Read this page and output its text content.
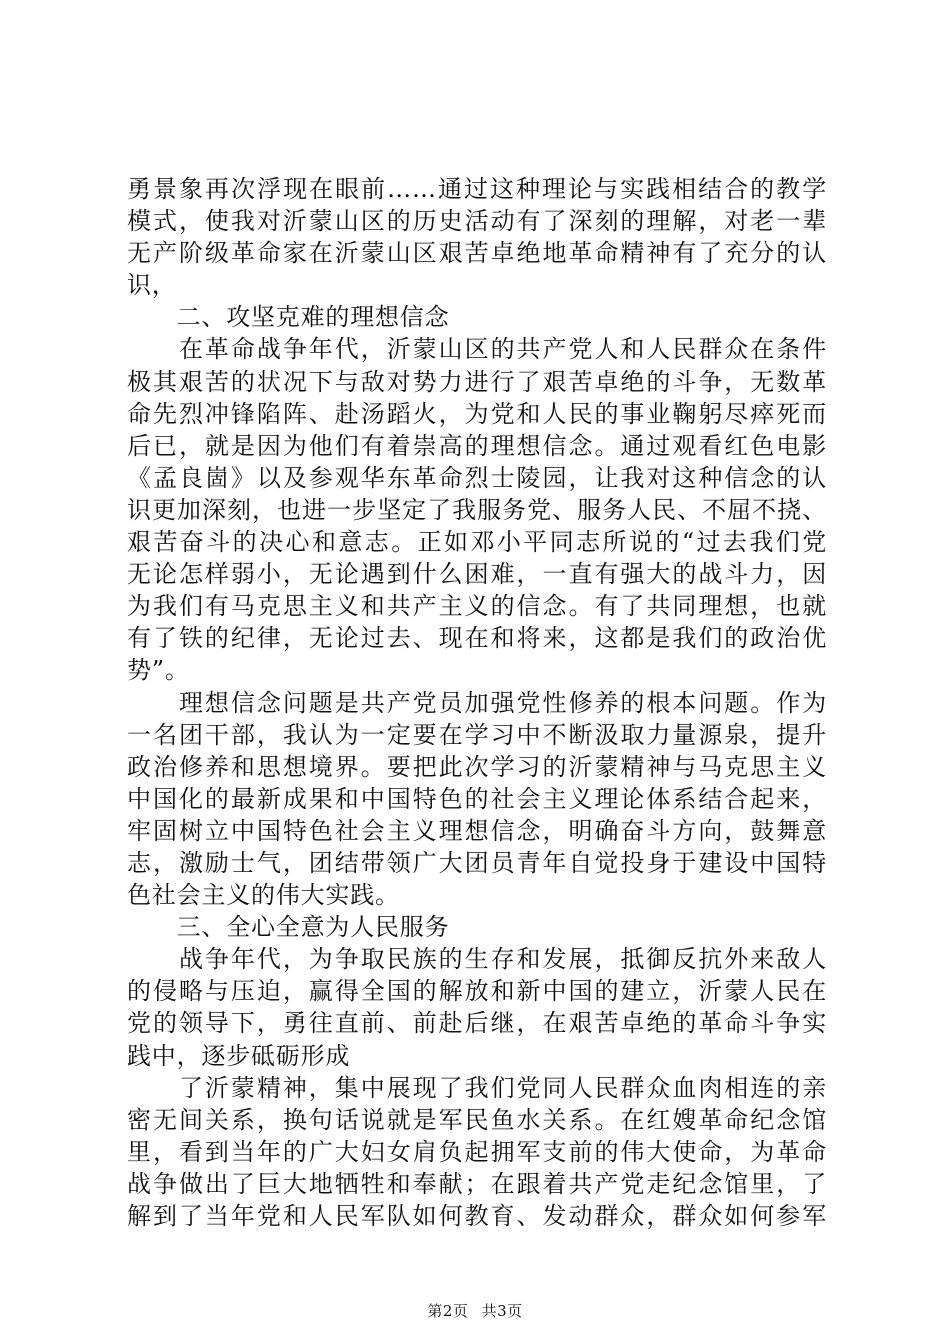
勇景象再次浮现在眼前……通过这种理论与实践相结合的教学
模式，使我对沂蒙山区的历史活动有了深刻的理解，对老一辈
无产阶级革命家在沂蒙山区艰苦卓绝地革命精神有了充分的认
识，
　　二、攻坚克难的理想信念
　　在革命战争年代，沂蒙山区的共产党人和人民群众在条件
极其艰苦的状况下与敌对势力进行了艰苦卓绝的斗争，无数革
命先烈冲锋陷阵、赴汤蹈火，为党和人民的事业鞠躬尽瘁死而
后已，就是因为他们有着崇高的理想信念。通过观看红色电影
《孟良崮》以及参观华东革命烈士陵园，让我对这种信念的认
识更加深刻，也进一步坚定了我服务党、服务人民、不屈不挠、
艰苦奋斗的决心和意志。正如邓小平同志所说的“过去我们党
无论怎样弱小，无论遇到什么困难，一直有强大的战斗力，因
为我们有马克思主义和共产主义的信念。有了共同理想，也就
有了铁的纪律，无论过去、现在和将来，这都是我们的政治优
势”。
　　理想信念问题是共产党员加强党性修养的根本问题。作为
一名团干部，我认为一定要在学习中不断汲取力量源泉，提升
政治修养和思想境界。要把此次学习的沂蒙精神与马克思主义
中国化的最新成果和中国特色的社会主义理论体系结合起来，
牢固树立中国特色社会主义理想信念，明确奋斗方向，鼓舞意
志，激励士气，团结带领广大团员青年自觉投身于建设中国特
色社会主义的伟大实践。
　　三、全心全意为人民服务
　　战争年代，为争取民族的生存和发展，抵御反抗外来敌人
的侵略与压迫，赢得全国的解放和新中国的建立，沂蒙人民在
党的领导下，勇往直前、前赴后继，在艰苦卓绝的革命斗争实
践中，逐步砥砺形成
　　了沂蒙精神，集中展现了我们党同人民群众血肉相连的亲
密无间关系，换句话说就是军民鱼水关系。在红嫂革命纪念馆
里，看到当年的广大妇女肩负起拥军支前的伟大使命，为革命
战争做出了巨大地牺牲和奉献；在跟着共产党走纪念馆里，了
解到了当年党和人民军队如何教育、发动群众，群众如何参军
第2页 共3页
